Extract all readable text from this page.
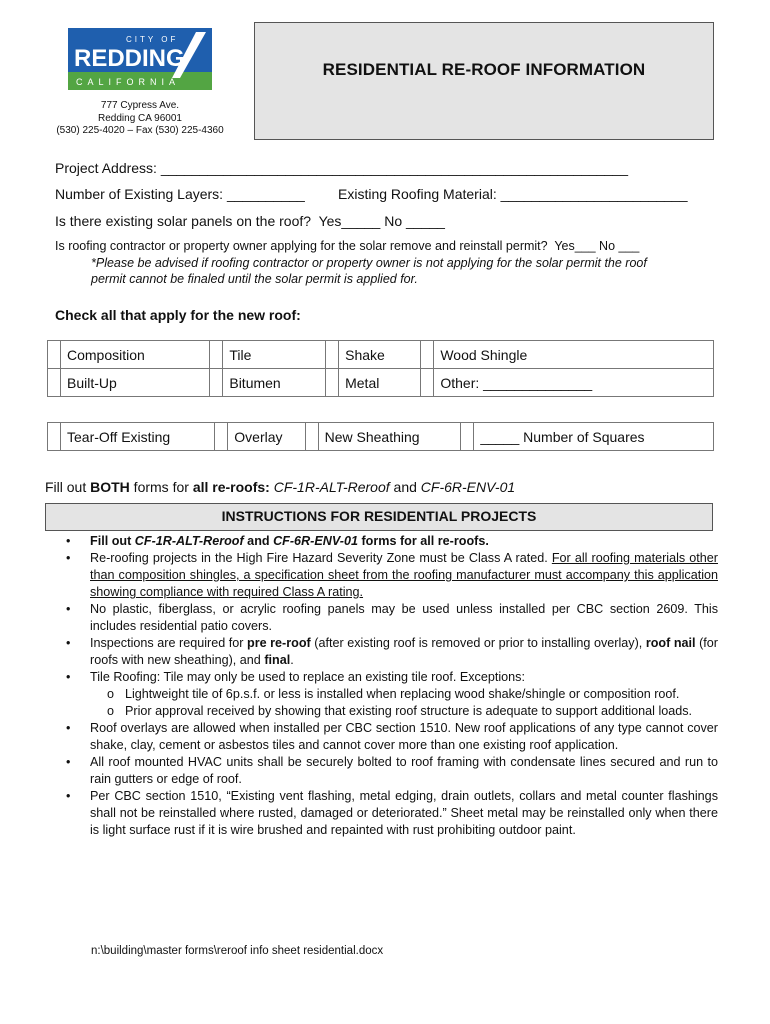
CITY OF
REDDING
CALIFORNIA
777 Cypress Ave.
Redding CA 96001
(530) 225-4020 – Fax (530) 225-4360
RESIDENTIAL RE-ROOF INFORMATION
Project Address: ____________________________________________________________
Number of Existing Layers: __________ Existing Roofing Material: ________________________
Is there existing solar panels on the roof?  Yes_____ No _____
Is roofing contractor or property owner applying for the solar remove and reinstall permit?  Yes___ No ___
*Please be advised if roofing contractor or property owner is not applying for the solar permit the roof
permit cannot be finaled until the solar permit is applied for.
Check all that apply for the new roof:
	Composition		Tile		Shake		Wood Shingle
	Built-Up		Bitumen		Metal		Other: ______________
	Tear-Off Existing		Overlay		New Sheathing		_____ Number of Squares
Fill out BOTH forms for all re-roofs: CF-1R-ALT-Reroof and CF-6R-ENV-01
INSTRUCTIONS FOR RESIDENTIAL PROJECTS
• Fill out CF-1R-ALT-Reroof and CF-6R-ENV-01 forms for all re-roofs.
• Re-roofing projects in the High Fire Hazard Severity Zone must be Class A rated. For all roofing materials other than composition shingles, a specification sheet from the roofing manufacturer must accompany this application showing compliance with required Class A rating.
• No plastic, fiberglass, or acrylic roofing panels may be used unless installed per CBC section 2609. This includes residential patio covers.
• Inspections are required for pre re-roof (after existing roof is removed or prior to installing overlay), roof nail (for roofs with new sheathing), and final.
• Tile Roofing: Tile may only be used to replace an existing tile roof. Exceptions:
o Lightweight tile of 6p.s.f. or less is installed when replacing wood shake/shingle or composition roof.
o Prior approval received by showing that existing roof structure is adequate to support additional loads.
• Roof overlays are allowed when installed per CBC section 1510. New roof applications of any type cannot cover shake, clay, cement or asbestos tiles and cannot cover more than one existing roof application.
• All roof mounted HVAC units shall be securely bolted to roof framing with condensate lines secured and run to rain gutters or edge of roof.
• Per CBC section 1510, “Existing vent flashing, metal edging, drain outlets, collars and metal counter flashings shall not be reinstalled where rusted, damaged or deteriorated.” Sheet metal may be reinstalled only when there is light surface rust if it is wire brushed and repainted with rust prohibiting outdoor paint.
n:\building\master forms\reroof info sheet residential.docx
